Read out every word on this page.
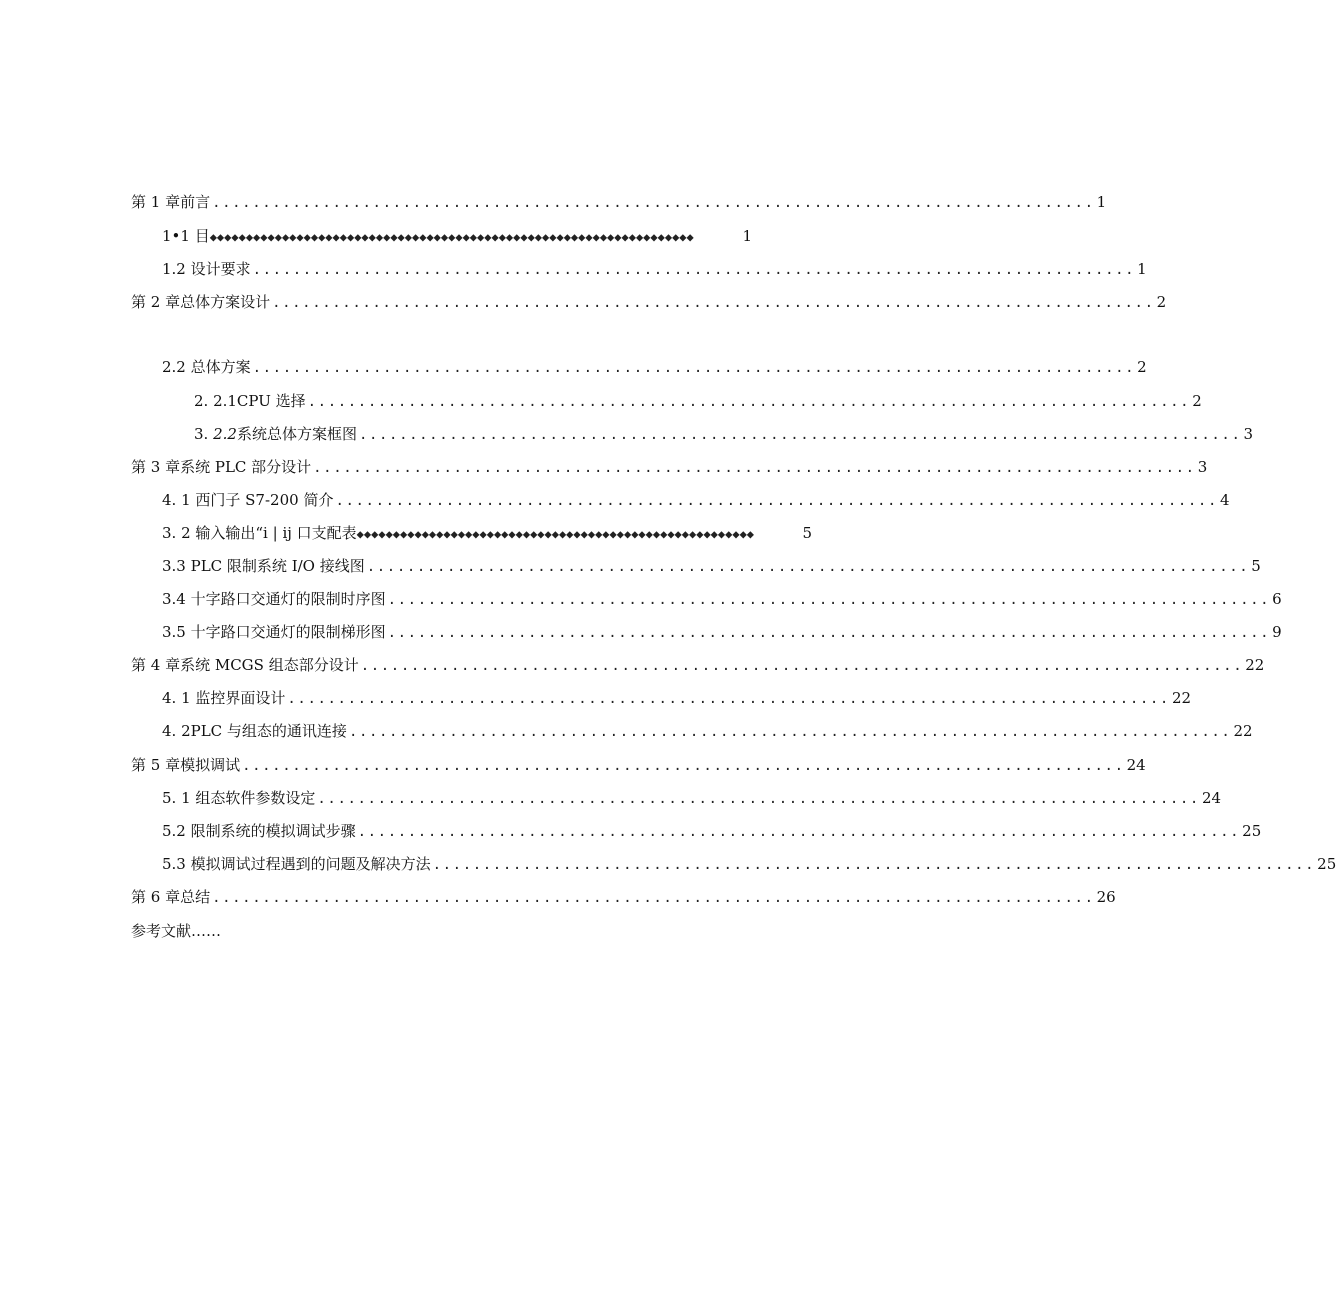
第 1 章前言 ........................................................................................ 1
1•1 目 ◆◆◆◆◆◆◆◆◆◆◆◆◆◆◆◆◆◆◆◆◆◆◆◆◆◆◆◆◆◆◆◆◆◆◆◆◆◆◆◆◆◆◆◆◆◆◆◆◆◆◆◆◆◆◆◆◆◆◆◆◆◆◆◆◆◆◆	1
1.2 设计要求 ........................................................................................ 1
第 2 章总体方案设计 ........................................................................................ 2
2.2 总体方案 ........................................................................................ 2
2. 2.1CPU 选择 ........................................................................................ 2
3. 2.2系统总体方案框图 ........................................................................................ 3
第 3 章系统 PLC 部分设计 ........................................................................................ 3
4. 1 西门子 S7-200 简介 ........................................................................................ 4
3. 2 输入输出“i | ij 口支配表 ◆◆◆◆◆◆◆◆◆◆◆◆◆◆◆◆◆◆◆◆◆◆◆◆◆◆◆◆◆◆◆◆◆◆◆◆◆◆◆◆◆◆◆◆◆◆◆◆◆◆◆◆◆◆◆	5
3.3 PLC 限制系统 I/O 接线图 ........................................................................................ 5
3.4 十字路口交通灯的限制时序图 ........................................................................................ 6
3.5 十字路口交通灯的限制梯形图 ........................................................................................ 9
第 4 章系统 MCGS 组态部分设计 ........................................................................................ 22
4. 1 监控界面设计 ........................................................................................ 22
4. 2PLC 与组态的通讯连接 ........................................................................................ 22
第 5 章模拟调试 ........................................................................................ 24
5. 1 组态软件参数设定 ........................................................................................ 24
5.2 限制系统的模拟调试步骤 ........................................................................................ 25
5.3 模拟调试过程遇到的问题及解决方法 ........................................................................................ 25
第 6 章总结 ........................................................................................ 26
参考文献……
